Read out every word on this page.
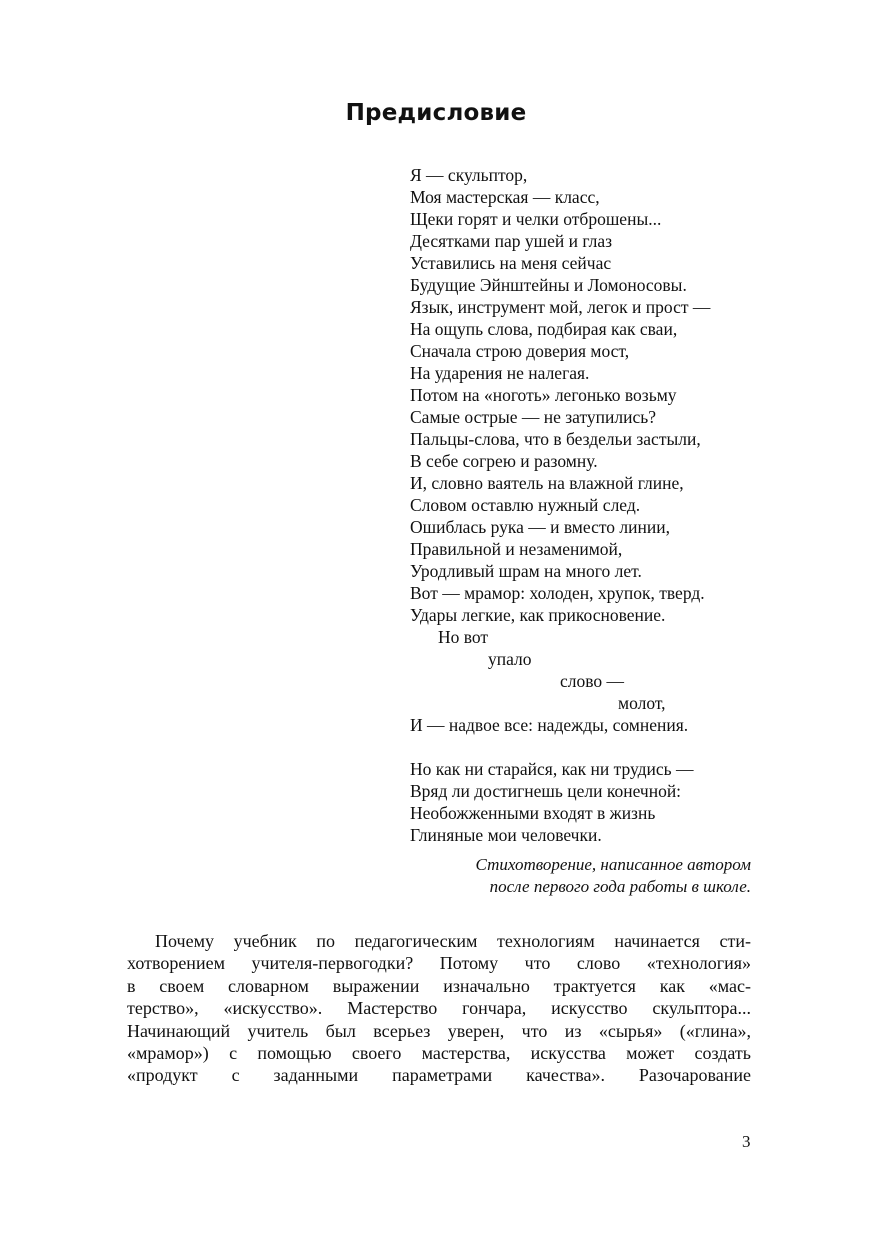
Предисловие
Я — скульптор,
Моя мастерская — класс,
Щеки горят и челки отброшены...
Десятками пар ушей и глаз
Уставились на меня сейчас
Будущие Эйнштейны и Ломоносовы.
Язык, инструмент мой, легок и прост —
На ощупь слова, подбирая как сваи,
Сначала строю доверия мост,
На ударения не налегая.
Потом на «ноготь» легонько возьму
Самые острые — не затупились?
Пальцы-слова, что в бездельи застыли,
В себе согрею и разомну.
И, словно ваятель на влажной глине,
Словом оставлю нужный след.
Ошиблась рука — и вместо линии,
Правильной и незаменимой,
Уродливый шрам на много лет.
Вот — мрамор: холоден, хрупок, тверд.
Удары легкие, как прикосновение.
Но вот
упало
слово —
молот,
И — надвое все: надежды, сомнения.
Но как ни старайся, как ни трудись —
Вряд ли достигнешь цели конечной:
Необожженными входят в жизнь
Глиняные мои человечки.
Стихотворение, написанное автором
после первого года работы в школе.
Почему учебник по педагогическим технологиям начинается сти-
хотворением учителя-первогодки? Потому что слово «технология»
в своем словарном выражении изначально трактуется как «мас-
терство», «искусство». Мастерство гончара, искусство скульптора...
Начинающий учитель был всерьез уверен, что из «сырья» («глина»,
«мрамор») с помощью своего мастерства, искусства может создать
«продукт с заданными параметрами качества». Разочарование
3
